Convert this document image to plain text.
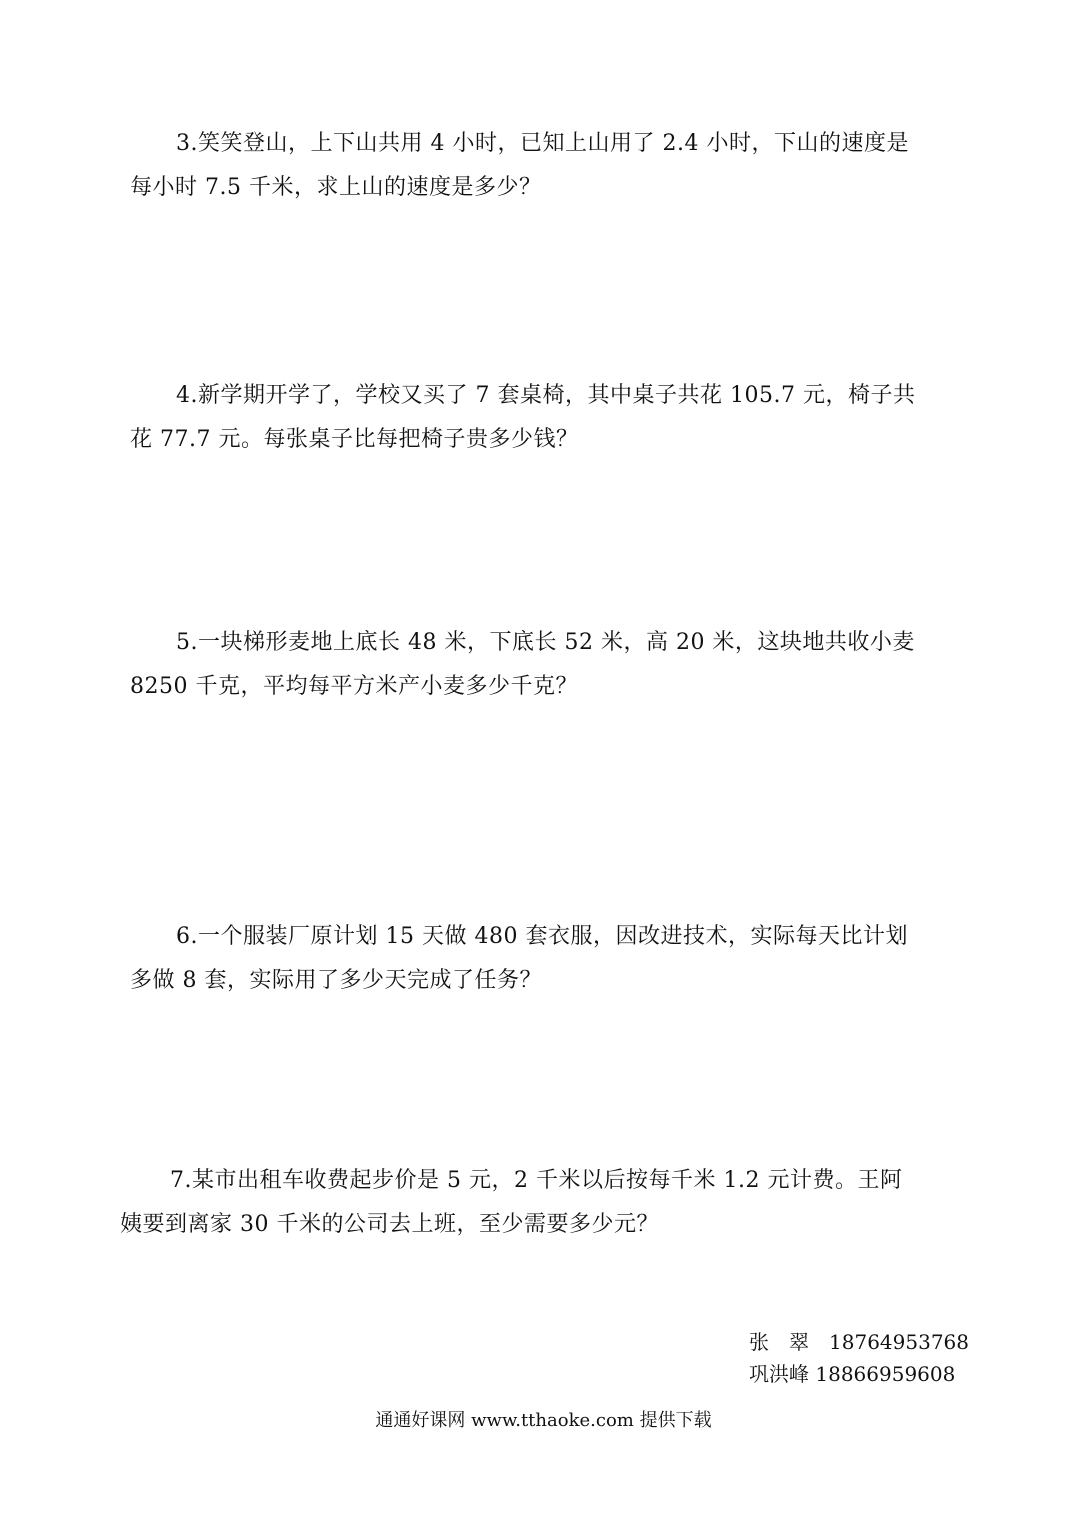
3.笑笑登山，上下山共用 4 小时，已知上山用了 2.4 小时，下山的速度是
每小时 7.5 千米，求上山的速度是多少？
4.新学期开学了，学校又买了 7 套桌椅，其中桌子共花 105.7 元，椅子共
花 77.7 元。每张桌子比每把椅子贵多少钱？
5.一块梯形麦地上底长 48 米，下底长 52 米，高 20 米，这块地共收小麦
8250 千克，平均每平方米产小麦多少千克？
6.一个服装厂原计划 15 天做 480 套衣服，因改进技术，实际每天比计划
多做 8 套，实际用了多少天完成了任务？
7.某市出租车收费起步价是 5 元，2 千米以后按每千米 1.2 元计费。王阿
姨要到离家 30 千米的公司去上班，至少需要多少元？
张翠18764953768
巩洪峰 18866959608
通通好课网 www.tthaoke.com 提供下载
